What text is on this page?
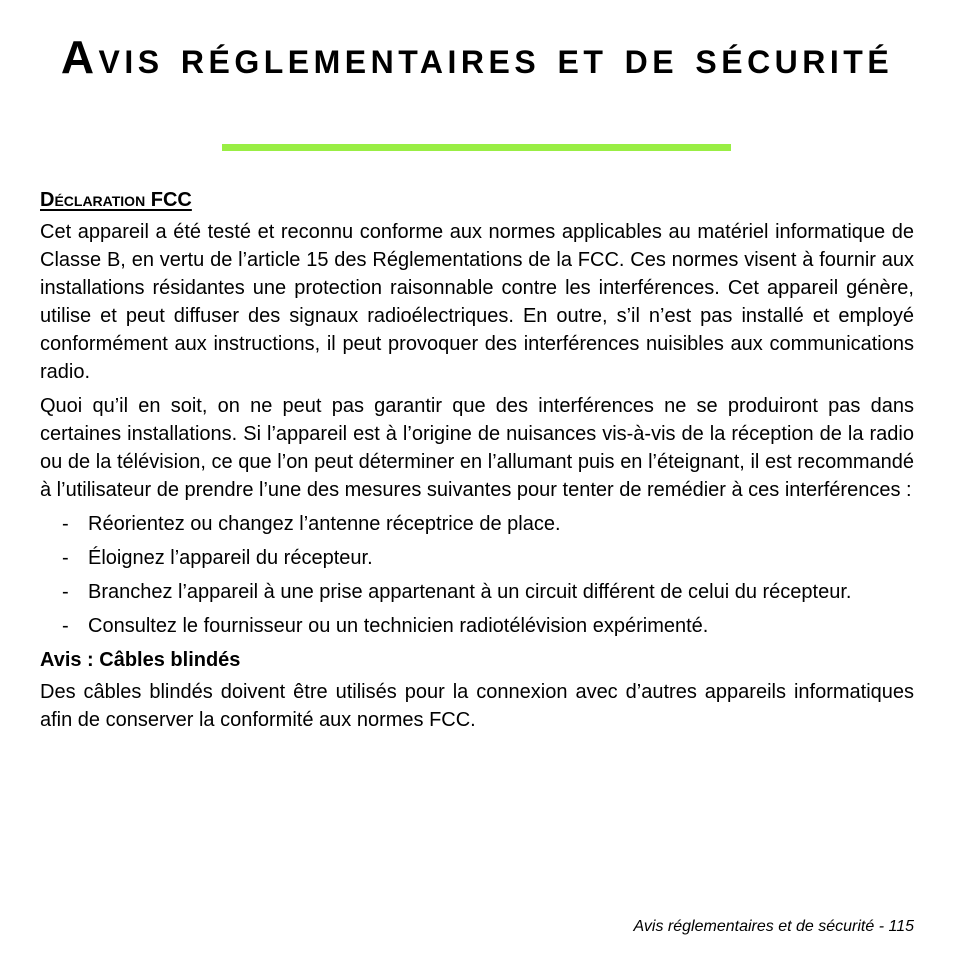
Avis réglementaires et de sécurité
Déclaration FCC

Cet appareil a été testé et reconnu conforme aux normes applicables au matériel informatique de Classe B, en vertu de l’article 15 des Réglementations de la FCC. Ces normes visent à fournir aux installations résidantes une protection raisonnable contre les interférences. Cet appareil génère, utilise et peut diffuser des signaux radioélectriques. En outre, s’il n’est pas installé et employé conformément aux instructions, il peut provoquer des interférences nuisibles aux communications radio.

Quoi qu’il en soit, on ne peut pas garantir que des interférences ne se produiront pas dans certaines installations. Si l’appareil est à l’origine de nuisances vis-à-vis de la réception de la radio ou de la télévision, ce que l’on peut déterminer en l’allumant puis en l’éteignant, il est recommandé à l’utilisateur de prendre l’une des mesures suivantes pour tenter de remédier à ces interférences :

- Réorientez ou changez l’antenne réceptrice de place.
- Éloignez l’appareil du récepteur.
- Branchez l’appareil à une prise appartenant à un circuit différent de celui du récepteur.
- Consultez le fournisseur ou un technicien radiotélévision expérimenté.

Avis : Câbles blindés

Des câbles blindés doivent être utilisés pour la connexion avec d’autres appareils informatiques afin de conserver la conformité aux normes FCC.

Avis réglementaires et de sécurité - 115
